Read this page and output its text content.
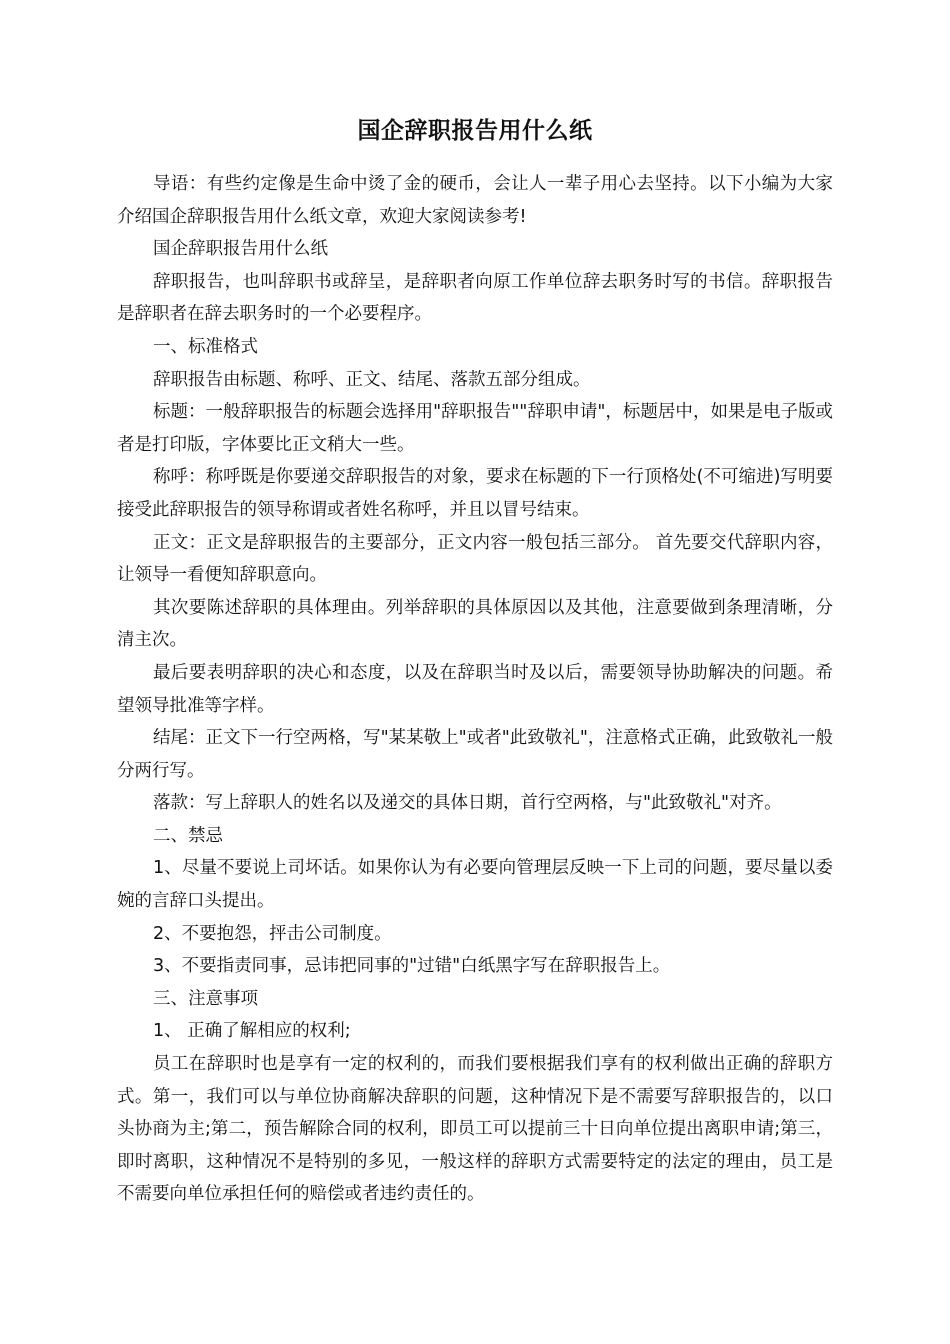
国企辞职报告用什么纸

导语：有些约定像是生命中烫了金的硬币，会让人一辈子用心去坚持。以下小编为大家介绍国企辞职报告用什么纸文章，欢迎大家阅读参考!

国企辞职报告用什么纸

辞职报告，也叫辞职书或辞呈，是辞职者向原工作单位辞去职务时写的书信。辞职报告是辞职者在辞去职务时的一个必要程序。

一、标准格式

辞职报告由标题、称呼、正文、结尾、落款五部分组成。

标题：一般辞职报告的标题会选择用"辞职报告""辞职申请"，标题居中，如果是电子版或者是打印版，字体要比正文稍大一些。

称呼：称呼既是你要递交辞职报告的对象，要求在标题的下一行顶格处(不可缩进)写明要接受此辞职报告的领导称谓或者姓名称呼，并且以冒号结束。

正文：正文是辞职报告的主要部分，正文内容一般包括三部分。 首先要交代辞职内容，让领导一看便知辞职意向。

其次要陈述辞职的具体理由。列举辞职的具体原因以及其他，注意要做到条理清晰，分清主次。

最后要表明辞职的决心和态度，以及在辞职当时及以后，需要领导协助解决的问题。希望领导批准等字样。

结尾：正文下一行空两格，写"某某敬上"或者"此致敬礼"，注意格式正确，此致敬礼一般分两行写。

落款：写上辞职人的姓名以及递交的具体日期，首行空两格，与"此致敬礼"对齐。

二、禁忌

1、尽量不要说上司坏话。如果你认为有必要向管理层反映一下上司的问题，要尽量以委婉的言辞口头提出。

2、不要抱怨，抨击公司制度。

3、不要指责同事，忌讳把同事的"过错"白纸黑字写在辞职报告上。

三、注意事项

1、 正确了解相应的权利;

员工在辞职时也是享有一定的权利的，而我们要根据我们享有的权利做出正确的辞职方式。第一，我们可以与单位协商解决辞职的问题，这种情况下是不需要写辞职报告的，以口头协商为主;第二，预告解除合同的权利，即员工可以提前三十日向单位提出离职申请;第三，即时离职，这种情况不是特别的多见，一般这样的辞职方式需要特定的法定的理由，员工是不需要向单位承担任何的赔偿或者违约责任的。
